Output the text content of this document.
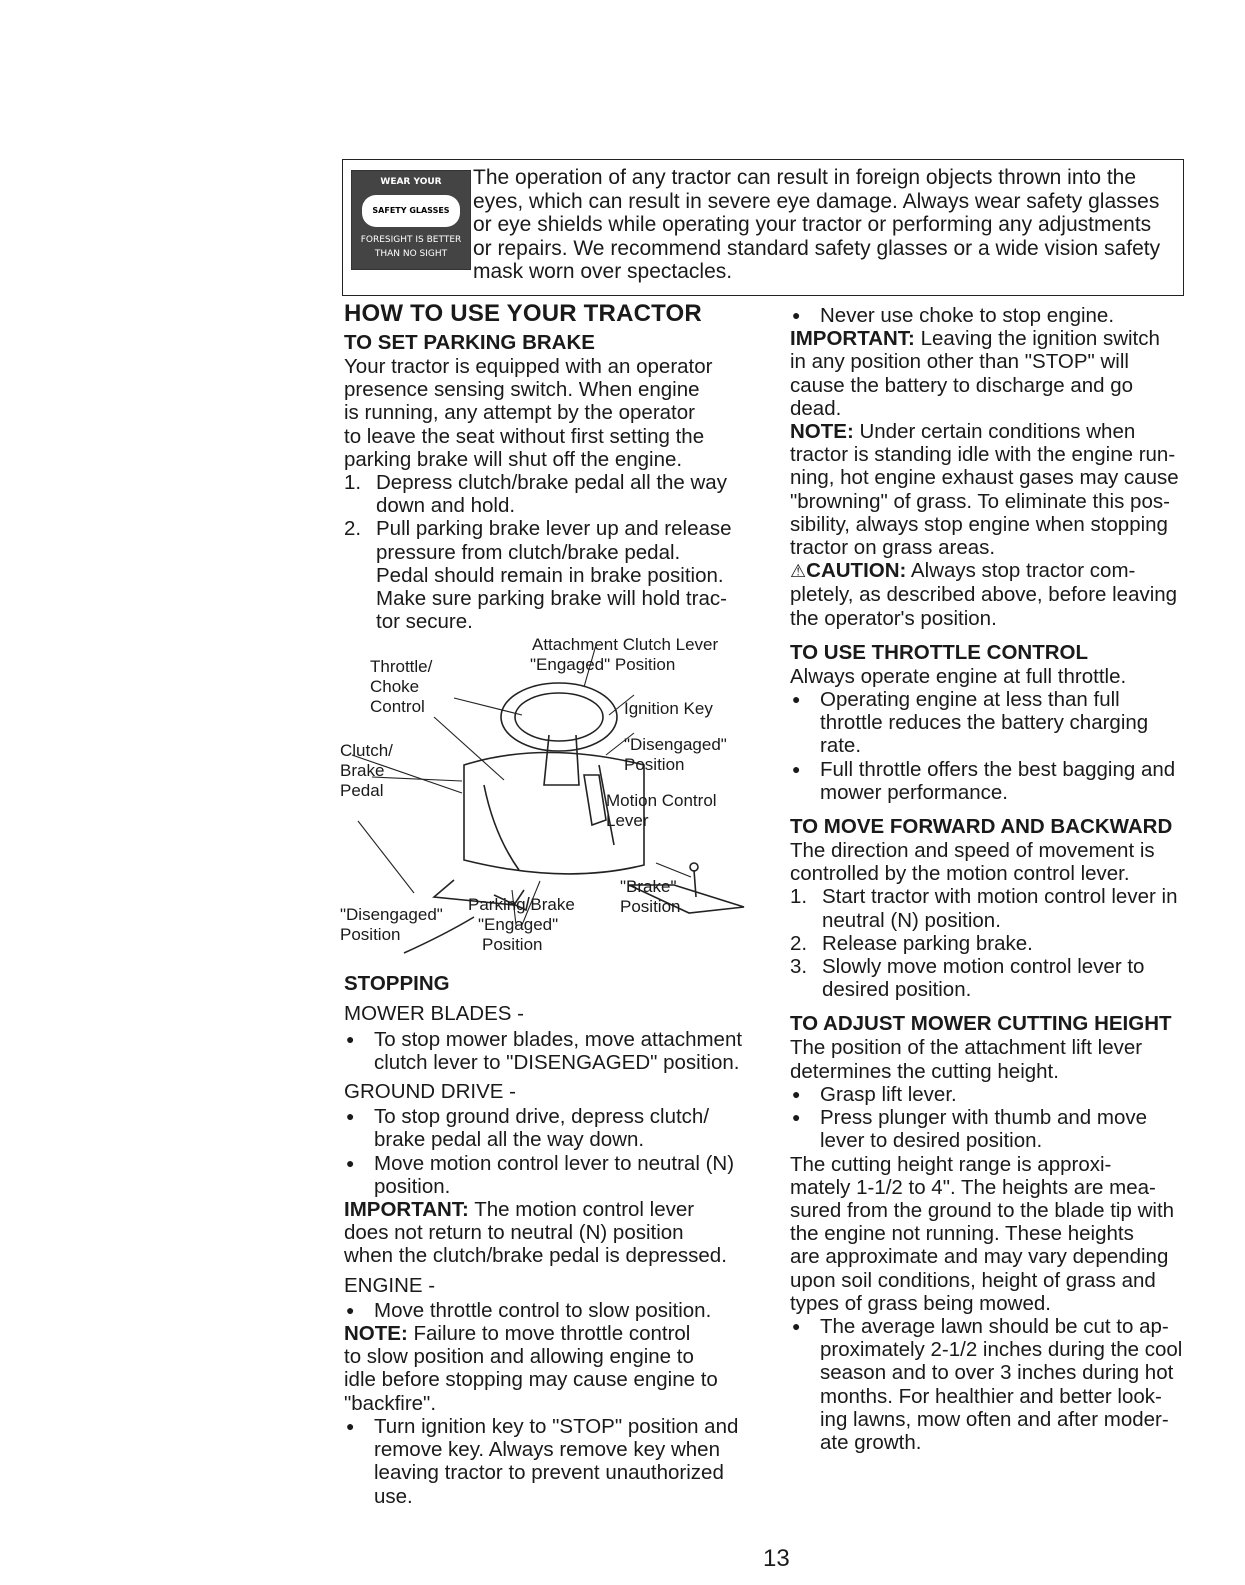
WEAR YOUR
SAFETY GLASSES
FORESIGHT IS BETTER
THAN NO SIGHT
The operation of any tractor can result in foreign objects thrown into the
eyes, which can result in severe eye damage. Always wear safety glasses
or eye shields while operating your tractor or performing any adjustments
or repairs. We recommend standard safety glasses or a wide vision safety
mask worn over spectacles.
HOW TO USE YOUR TRACTOR
TO SET PARKING BRAKE

Your tractor is equipped with an operator

presence sensing switch. When engine

is running, any attempt by the operator

to leave the seat without first setting the

parking brake will shut off the engine.

1. Depress clutch/brake pedal all the way

down and hold.

2. Pull parking brake lever up and release

pressure from clutch/brake pedal.

Pedal should remain in brake position.

Make sure parking brake will hold trac-

tor secure.

Attachment Clutch Lever
"Engaged" Position
Throttle/
Choke
Control	Ignition Key
"Disengaged"
Position
Clutch/
Brake
Pedal
Motion Control
Lever
"Brake"
Position
"Disengaged"
Position
Parking Brake
"Engaged"
Position
STOPPING
MOWER BLADES -
● To stop mower blades, move attachment

clutch lever to "DISENGAGED" position.

GROUND DRIVE -
● To stop ground drive, depress clutch/

brake pedal all the way down.

● Move motion control lever to neutral (N)

position.

IMPORTANT: The motion control lever

does not return to neutral (N) position

when the clutch/brake pedal is depressed.

ENGINE -
● Move throttle control to slow position.

NOTE: Failure to move throttle control

to slow position and allowing engine to

idle before stopping may cause engine to

"backfire".

● Turn ignition key to "STOP" position and

remove key. Always remove key when

leaving tractor to prevent unauthorized

use.

● Never use choke to stop engine.

IMPORTANT: Leaving the ignition switch

in any position other than "STOP" will

cause the battery to discharge and go

dead.

NOTE: Under certain conditions when

tractor is standing idle with the engine run-

ning, hot engine exhaust gases may cause

"browning" of grass. To eliminate this pos-

sibility, always stop engine when stopping

tractor on grass areas.

⚠CAUTION: Always stop tractor com-

pletely, as described above, before leaving

the operator's position.

TO USE THROTTLE CONTROL

Always operate engine at full throttle.

● Operating engine at less than full

throttle reduces the battery charging

rate.

● Full throttle offers the best bagging and

mower performance.

TO MOVE FORWARD AND BACKWARD

The direction and speed of movement is

controlled by the motion control lever.

1. Start tractor with motion control lever in

neutral (N) position.

2. Release parking brake.

3. Slowly move motion control lever to

desired position.

TO ADJUST MOWER CUTTING HEIGHT

The position of the attachment lift lever

determines the cutting height.

● Grasp lift lever.

● Press plunger with thumb and move

lever to desired position.

The cutting height range is approxi-

mately 1-1/2 to 4". The heights are mea-

sured from the ground to the blade tip with

the engine not running. These heights

are approximate and may vary depending

upon soil conditions, height of grass and

types of grass being mowed.

● The average lawn should be cut to ap-

proximately 2-1/2 inches during the cool

season and to over 3 inches during hot

months. For healthier and better look-

ing lawns, mow often and after moder-

ate growth.

13
